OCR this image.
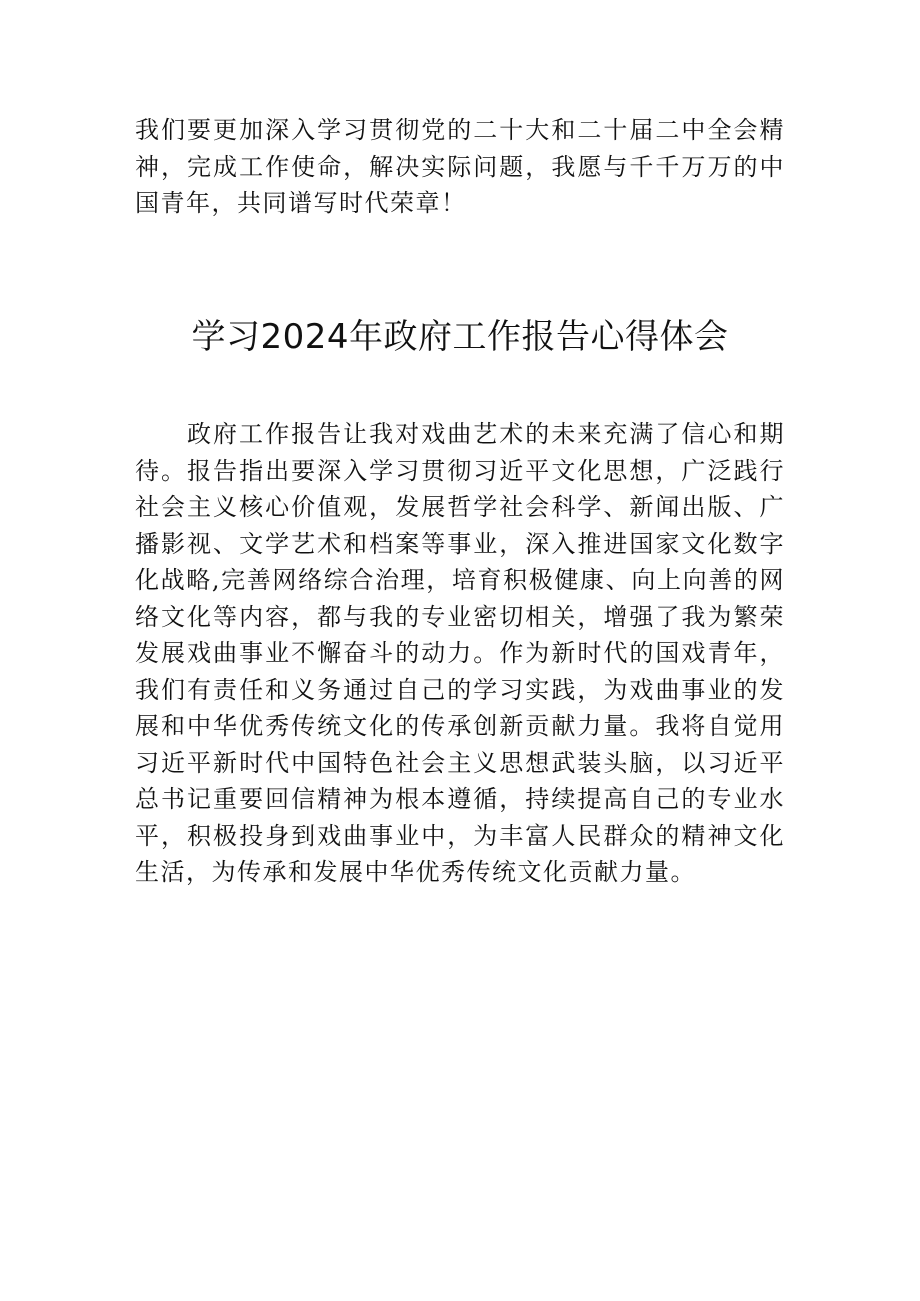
我们要更加深入学习贯彻党的二十大和二十届二中全会精神，完成工作使命，解决实际问题，我愿与千千万万的中国青年，共同谱写时代荣章！

学习2024年政府工作报告心得体会

政府工作报告让我对戏曲艺术的未来充满了信心和期待。报告指出要深入学习贯彻习近平文化思想，广泛践行社会主义核心价值观，发展哲学社会科学、新闻出版、广播影视、文学艺术和档案等事业，深入推进国家文化数字化战略,完善网络综合治理，培育积极健康、向上向善的网络文化等内容，都与我的专业密切相关，增强了我为繁荣发展戏曲事业不懈奋斗的动力。作为新时代的国戏青年，我们有责任和义务通过自己的学习实践，为戏曲事业的发展和中华优秀传统文化的传承创新贡献力量。我将自觉用习近平新时代中国特色社会主义思想武装头脑，以习近平总书记重要回信精神为根本遵循，持续提高自己的专业水平，积极投身到戏曲事业中，为丰富人民群众的精神文化生活，为传承和发展中华优秀传统文化贡献力量。
